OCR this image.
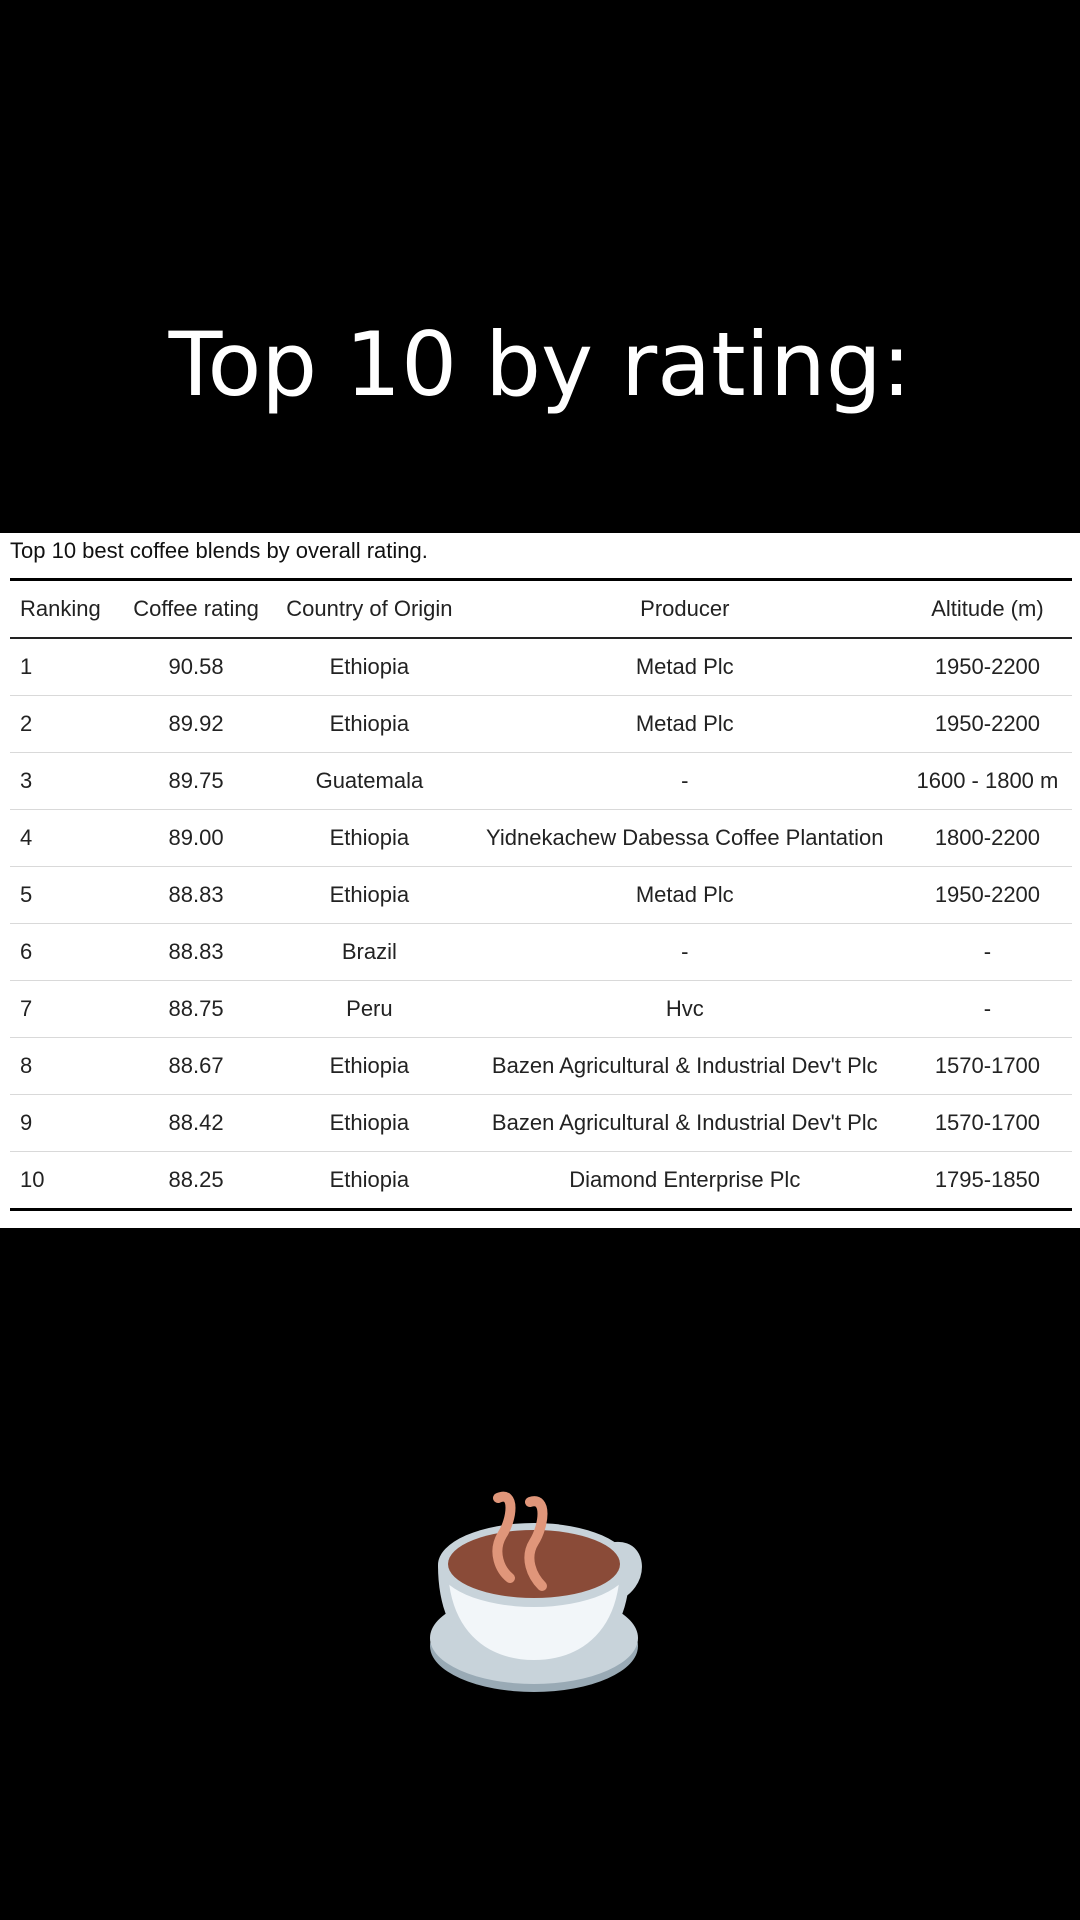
Top 10 by rating:
Top 10 best coffee blends by overall rating.
Ranking	Coffee rating	Country of Origin	Producer	Altitude (m)
1	90.58	Ethiopia	Metad Plc	1950-2200
2	89.92	Ethiopia	Metad Plc	1950-2200
3	89.75	Guatemala	-	1600 - 1800 m
4	89.00	Ethiopia	Yidnekachew Dabessa Coffee Plantation	1800-2200
5	88.83	Ethiopia	Metad Plc	1950-2200
6	88.83	Brazil	-	-
7	88.75	Peru	Hvc	-
8	88.67	Ethiopia	Bazen Agricultural & Industrial Dev't Plc	1570-1700
9	88.42	Ethiopia	Bazen Agricultural & Industrial Dev't Plc	1570-1700
10	88.25	Ethiopia	Diamond Enterprise Plc	1795-1850
